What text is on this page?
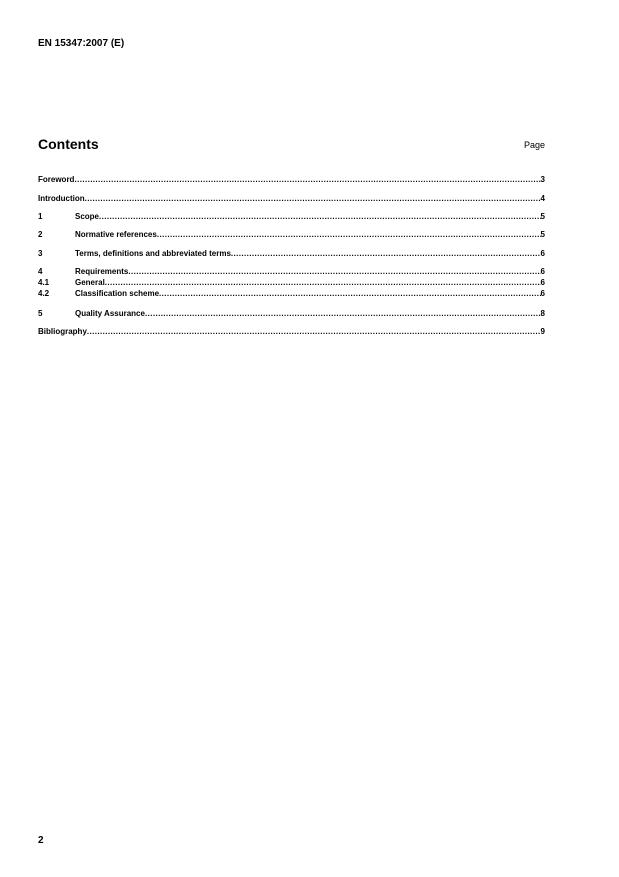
EN 15347:2007 (E)
Contents	Page
Foreword .....	3
Introduction .....	4
1	Scope .....	5
2	Normative references .....	5
3	Terms, definitions and abbreviated terms .....	6
4	Requirements .....	6
4.1	General .....	6
4.2	Classification scheme .....	6
5	Quality Assurance .....	8
Bibliography .....	9
2
